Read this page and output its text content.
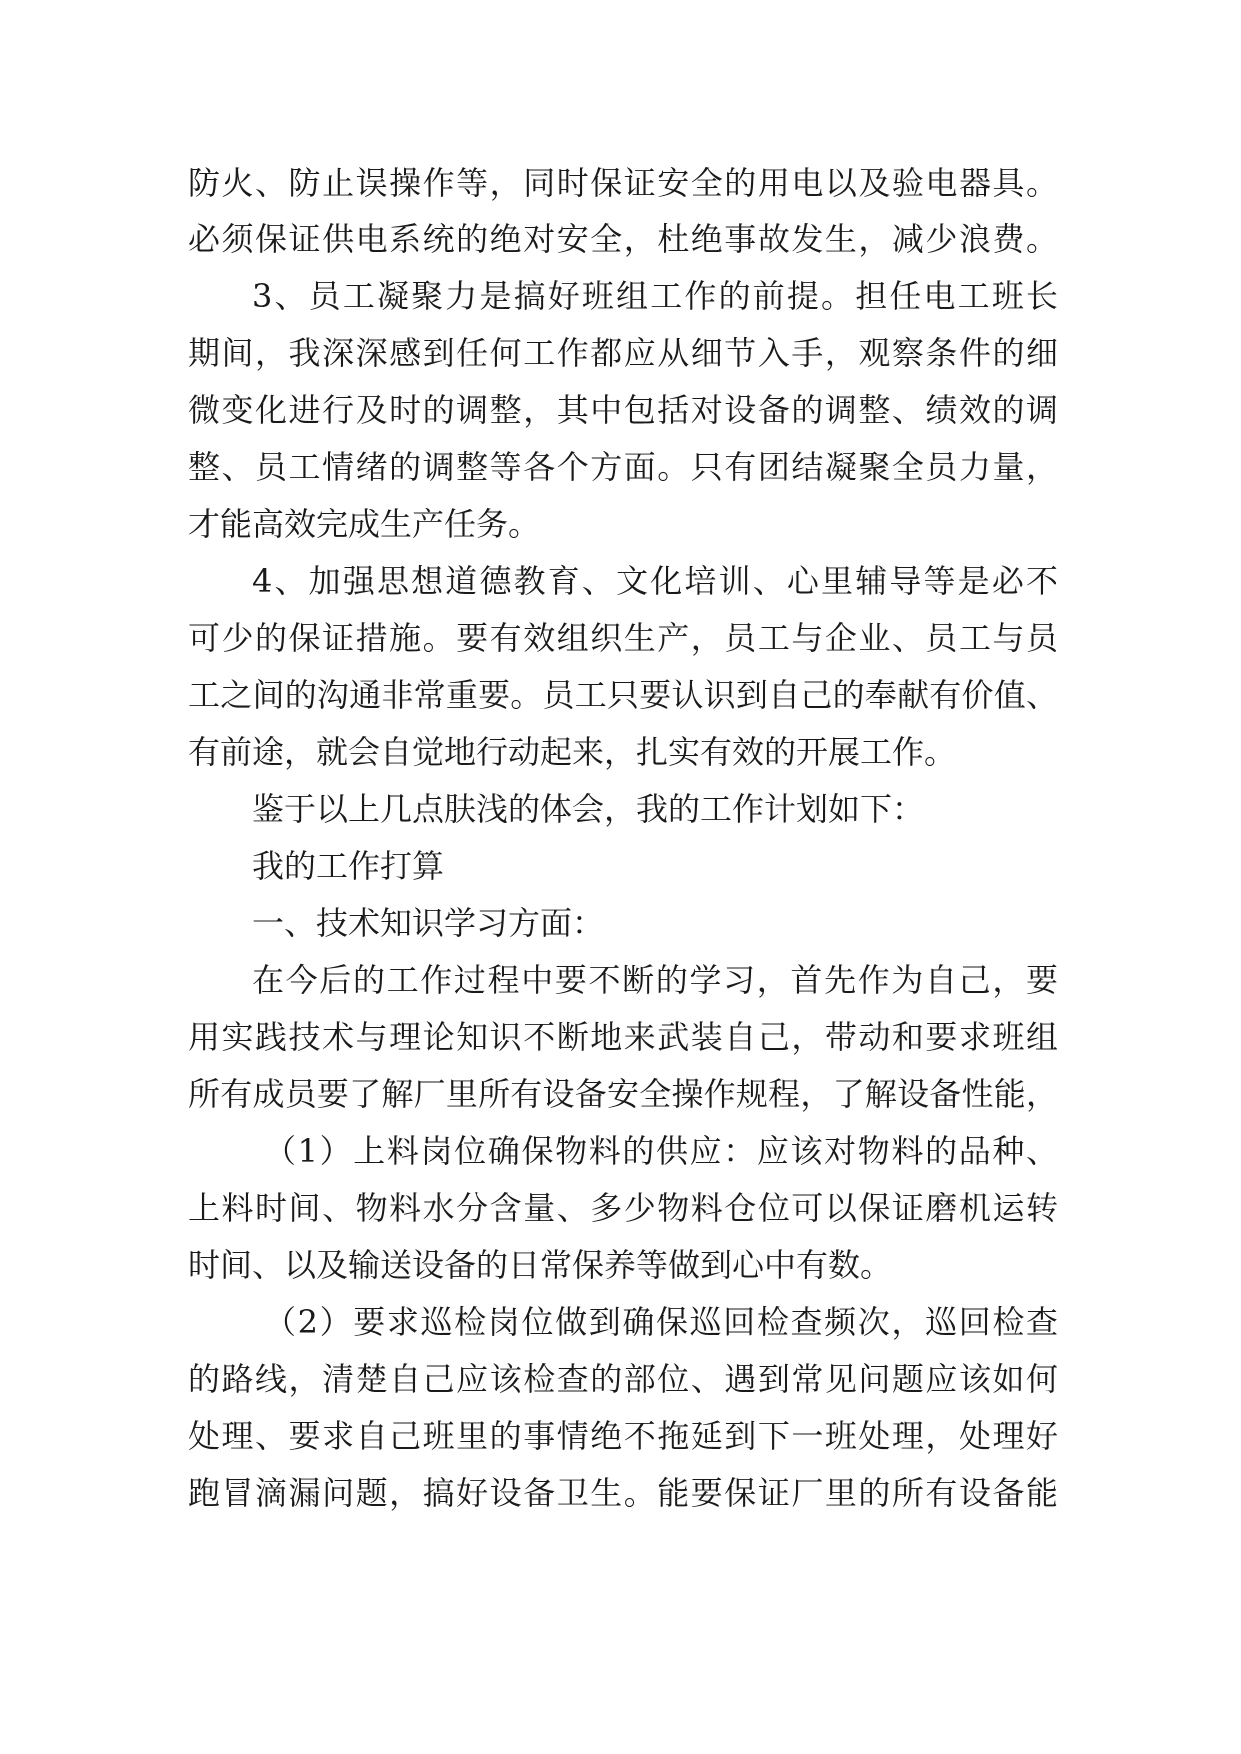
防火、防止误操作等，同时保证安全的用电以及验电器具。
必须保证供电系统的绝对安全，杜绝事故发生，减少浪费。
3、员工凝聚力是搞好班组工作的前提。担任电工班长
期间，我深深感到任何工作都应从细节入手，观察条件的细
微变化进行及时的调整，其中包括对设备的调整、绩效的调
整、员工情绪的调整等各个方面。只有团结凝聚全员力量，
才能高效完成生产任务。
4、加强思想道德教育、文化培训、心里辅导等是必不
可少的保证措施。要有效组织生产，员工与企业、员工与员
工之间的沟通非常重要。员工只要认识到自己的奉献有价值、
有前途，就会自觉地行动起来，扎实有效的开展工作。
鉴于以上几点肤浅的体会，我的工作计划如下：
我的工作打算
一、技术知识学习方面：
在今后的工作过程中要不断的学习，首先作为自己，要
用实践技术与理论知识不断地来武装自己，带动和要求班组
所有成员要了解厂里所有设备安全操作规程，了解设备性能，
（1）上料岗位确保物料的供应：应该对物料的品种、
上料时间、物料水分含量、多少物料仓位可以保证磨机运转
时间、以及输送设备的日常保养等做到心中有数。
（2）要求巡检岗位做到确保巡回检查频次，巡回检查
的路线，清楚自己应该检查的部位、遇到常见问题应该如何
处理、要求自己班里的事情绝不拖延到下一班处理，处理好
跑冒滴漏问题，搞好设备卫生。能要保证厂里的所有设备能
